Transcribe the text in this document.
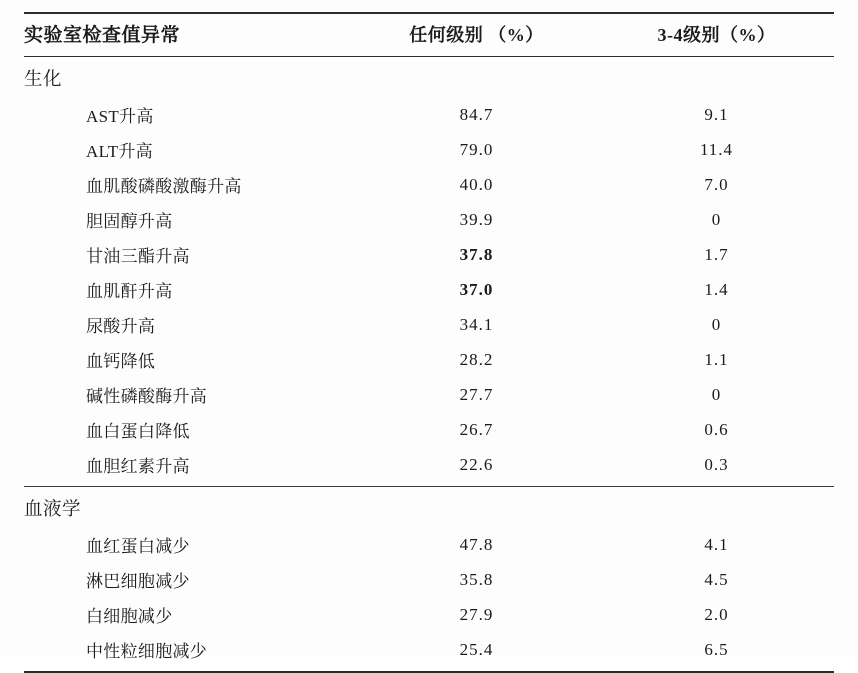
实验室检查值异常	任何级别 （%）	3-4级别（%）

生化		
AST升高	84.7	9.1
ALT升高	79.0	11.4
血肌酸磷酸激酶升高	40.0	7.0
胆固醇升高	39.9	0
甘油三酯升高	37.8	1.7
血肌酐升高	37.0	1.4
尿酸升高	34.1	0
血钙降低	28.2	1.1
碱性磷酸酶升高	27.7	0
血白蛋白降低	26.7	0.6
血胆红素升高	22.6	0.3

血液学		
血红蛋白减少	47.8	4.1
淋巴细胞减少	35.8	4.5
白细胞减少	27.9	2.0
中性粒细胞减少	25.4	6.5
